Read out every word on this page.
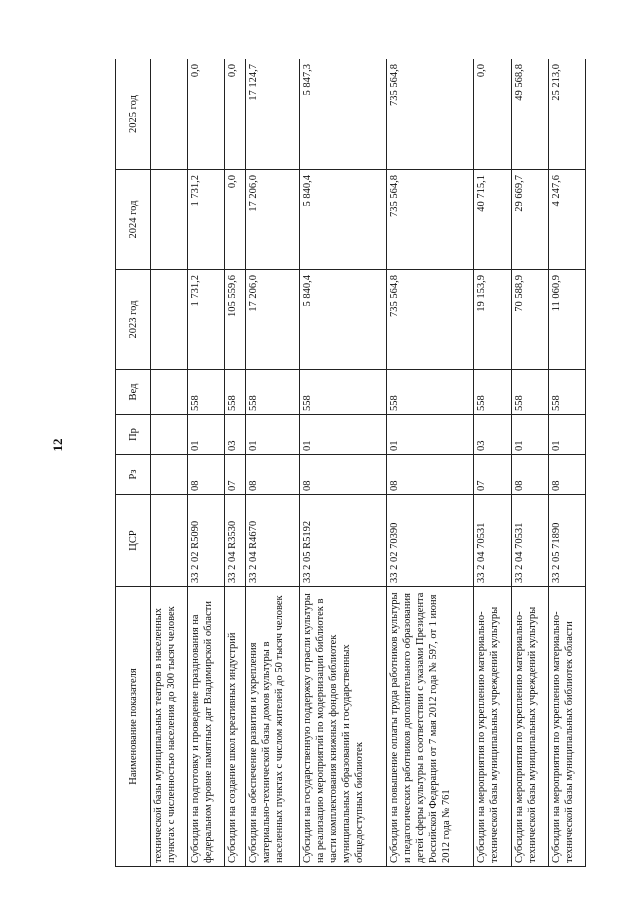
12
Наименование показателя	ЦСР	Рз	Пр	Вед	2023 год	2024 год	2025 год
технической базы муниципальных театров в населенных пунктах с численностью населения до 300 тысяч человек							
Субсидии на подготовку и проведение празднования на федеральном уровне памятных дат Владимирской области	33 2 02 R5090	08	01	558	1 731,2	1 731,2	0,0
Субсидии на создание школ креативных индустрий	33 2 04 R3530	07	03	558	105 559,6	0,0	0,0
Субсидии на обеспечение развития и укрепления материально-технической базы домов культуры в населенных пунктах с числом жителей до 50 тысяч человек	33 2 04 R4670	08	01	558	17 206,0	17 206,0	17 124,7
Субсидии на государственную поддержку отрасли культуры на реализацию мероприятий по модернизации библиотек в части комплектования книжных фондов библиотек муниципальных образований и государственных общедоступных библиотек	33 2 05 R5192	08	01	558	5 840,4	5 840,4	5 847,3
Субсидии на повышение оплаты труда работников культуры и педагогических работников дополнительного образования детей сферы культуры в соответствии с указами Президента Российской Федерации от 7 мая 2012 года № 597, от 1 июня 2012 года № 761	33 2 02 70390	08	01	558	735 564,8	735 564,8	735 564,8
Субсидии на мероприятия по укреплению материально-технической базы муниципальных учреждений культуры	33 2 04 70531	07	03	558	19 153,9	40 715,1	0,0
Субсидии на мероприятия по укреплению материально-технической базы муниципальных учреждений культуры	33 2 04 70531	08	01	558	70 588,9	29 669,7	49 568,8
Субсидии на мероприятия по укреплению материально-технической базы муниципальных библиотек области	33 2 05 71890	08	01	558	11 060,9	4 247,6	25 213,0
